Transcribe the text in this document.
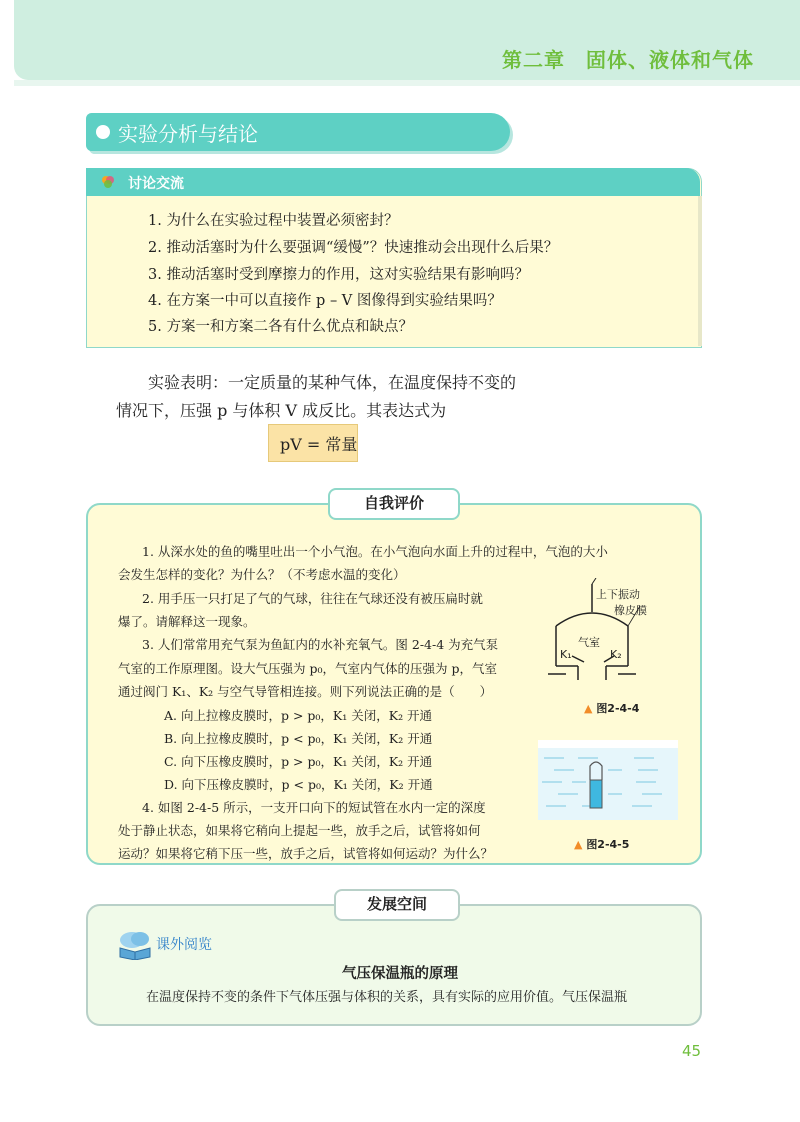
第二章　固体、液体和气体
实验分析与结论
讨论交流
1. 为什么在实验过程中装置必须密封？
2. 推动活塞时为什么要强调“缓慢”？快速推动会出现什么后果？
3. 推动活塞时受到摩擦力的作用，这对实验结果有影响吗？
4. 在方案一中可以直接作 p – V 图像得到实验结果吗？
5. 方案一和方案二各有什么优点和缺点？
实验表明：一定质量的某种气体，在温度保持不变的
情况下，压强 p 与体积 V 成反比。其表达式为
pV = 常量
自我评价
1. 从深水处的鱼的嘴里吐出一个小气泡。在小气泡向水面上升的过程中，气泡的大小
会发生怎样的变化？为什么？（不考虑水温的变化）
2. 用手压一只打足了气的气球，往往在气球还没有被压扁时就
爆了。请解释这一现象。
3. 人们常常用充气泵为鱼缸内的水补充氧气。图 2-4-4 为充气泵
气室的工作原理图。设大气压强为 p₀，气室内气体的压强为 p，气室
通过阀门 K₁、K₂ 与空气导管相连接。则下列说法正确的是（　　）
A. 向上拉橡皮膜时，p > p₀，K₁ 关闭，K₂ 开通
B. 向上拉橡皮膜时，p < p₀，K₁ 关闭，K₂ 开通
C. 向下压橡皮膜时，p > p₀，K₁ 关闭，K₂ 开通
D. 向下压橡皮膜时，p < p₀，K₁ 关闭，K₂ 开通
4. 如图 2-4-5 所示，一支开口向下的短试管在水内一定的深度
处于静止状态，如果将它稍向上提起一些，放手之后，试管将如何
运动？如果将它稍下压一些，放手之后，试管将如何运动？为什么？
上下振动
橡皮膜
气室
K₁	K₂
▲ 图2-4-4
▲ 图2-4-5
发展空间
课外阅览
气压保温瓶的原理
在温度保持不变的条件下气体压强与体积的关系，具有实际的应用价值。气压保温瓶
45
